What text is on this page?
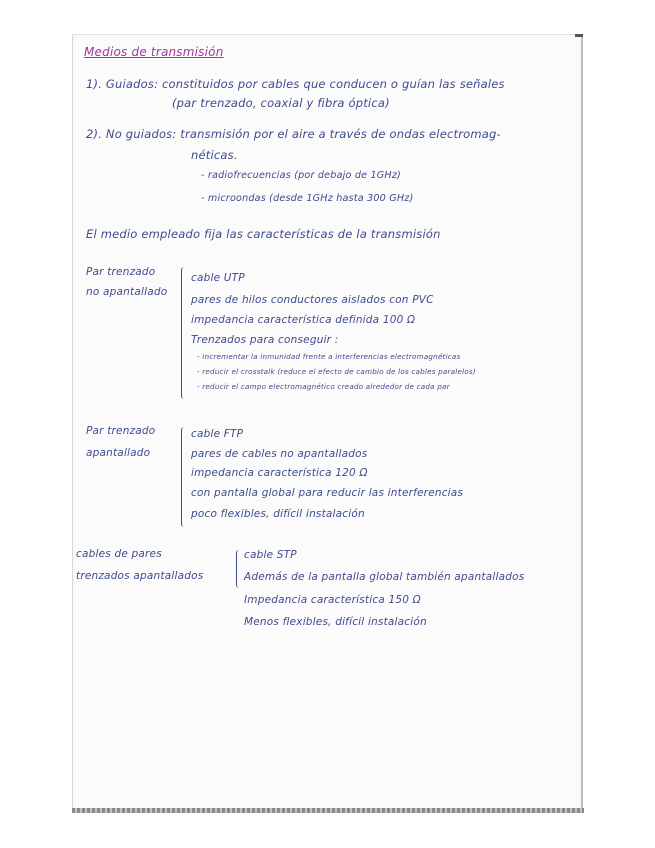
Medios de transmisión
1). Guiados: constituidos por cables que conducen o guían las señales
(par trenzado, coaxial y fibra óptica)
2). No guiados: transmisión por el aire a través de ondas electromag-
néticas.
- radiofrecuencias (por debajo de 1GHz)
- microondas (desde 1GHz hasta 300 GHz)
El medio empleado fija las características de la transmisión
Par trenzado
no apantallado
cable UTP
pares de hilos conductores aislados con PVC
impedancia característica definida 100 Ω
Trenzados para conseguir :
- incrementar la inmunidad frente a interferencias electromagnéticas
- reducir el crosstalk (reduce el efecto de cambio de los cables paralelos)
- reducir el campo electromagnético creado alrededor de cada par
Par trenzado
apantallado
cable FTP
pares de cables no apantallados
impedancia característica 120 Ω
con pantalla global para reducir las interferencias
poco flexibles, difícil instalación
cables de pares
trenzados apantallados
cable STP
Además de la pantalla global también apantallados
Impedancia característica 150 Ω
Menos flexibles, difícil instalación
